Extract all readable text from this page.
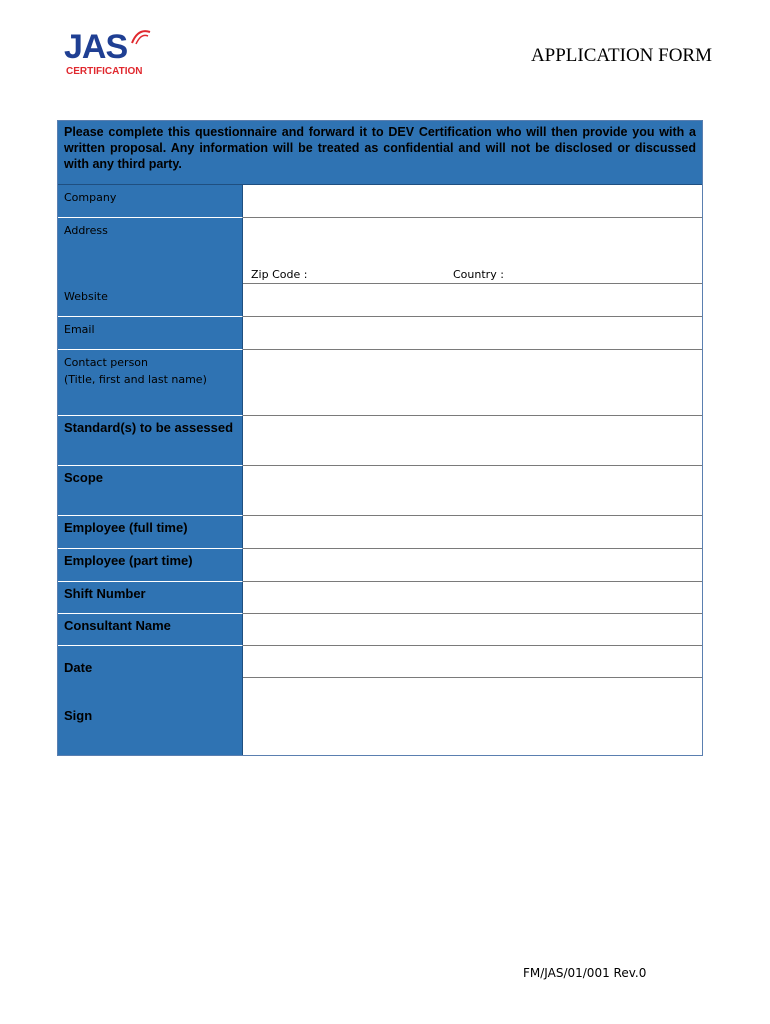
JAS
CERTIFICATION
APPLICATION FORM
Please complete this questionnaire and forward it to DEV Certification who will then provide you with a written proposal. Any information will be treated as confidential and will not be disclosed or discussed with any third party.
Company
Address
Zip Code :	Country :
Website
Email
Contact person
(Title, first and last name)
Standard(s) to be assessed
Scope
Employee (full time)
Employee (part time)
Shift Number
Consultant Name
Date
Sign
FM/JAS/01/001 Rev.0
